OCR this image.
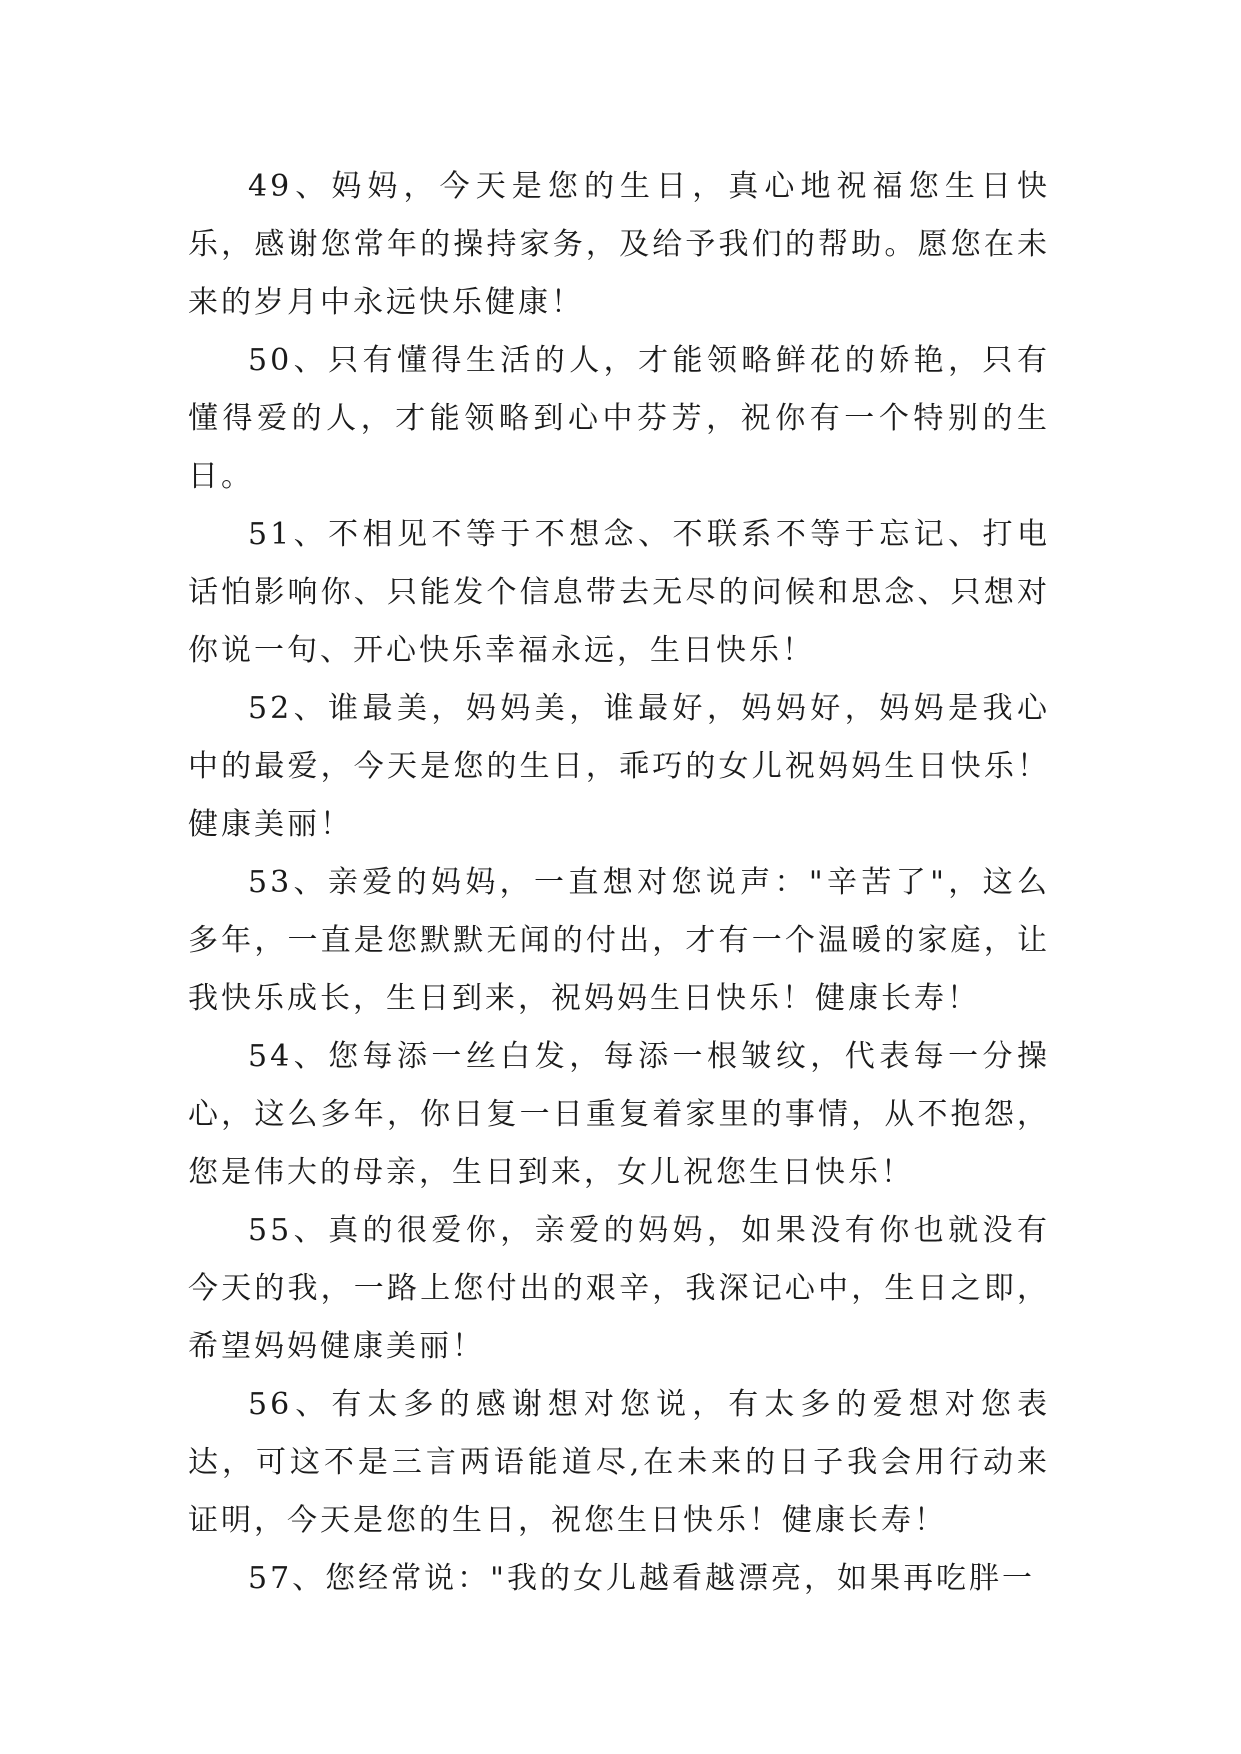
49、妈妈，今天是您的生日，真心地祝福您生日快乐，感谢您常年的操持家务，及给予我们的帮助。愿您在未来的岁月中永远快乐健康！

50、只有懂得生活的人，才能领略鲜花的娇艳，只有懂得爱的人，才能领略到心中芬芳，祝你有一个特别的生日。

51、不相见不等于不想念、不联系不等于忘记、打电话怕影响你、只能发个信息带去无尽的问候和思念、只想对你说一句、开心快乐幸福永远，生日快乐！

52、谁最美，妈妈美，谁最好，妈妈好，妈妈是我心中的最爱，今天是您的生日，乖巧的女儿祝妈妈生日快乐！健康美丽！

53、亲爱的妈妈，一直想对您说声："辛苦了"，这么多年，一直是您默默无闻的付出，才有一个温暖的家庭，让我快乐成长，生日到来，祝妈妈生日快乐！健康长寿！

54、您每添一丝白发，每添一根皱纹，代表每一分操心，这么多年，你日复一日重复着家里的事情，从不抱怨，您是伟大的母亲，生日到来，女儿祝您生日快乐！

55、真的很爱你，亲爱的妈妈，如果没有你也就没有今天的我，一路上您付出的艰辛，我深记心中，生日之即，希望妈妈健康美丽！

56、有太多的感谢想对您说，有太多的爱想对您表达，可这不是三言两语能道尽,在未来的日子我会用行动来证明，今天是您的生日，祝您生日快乐！健康长寿！

57、您经常说："我的女儿越看越漂亮，如果再吃胖一
